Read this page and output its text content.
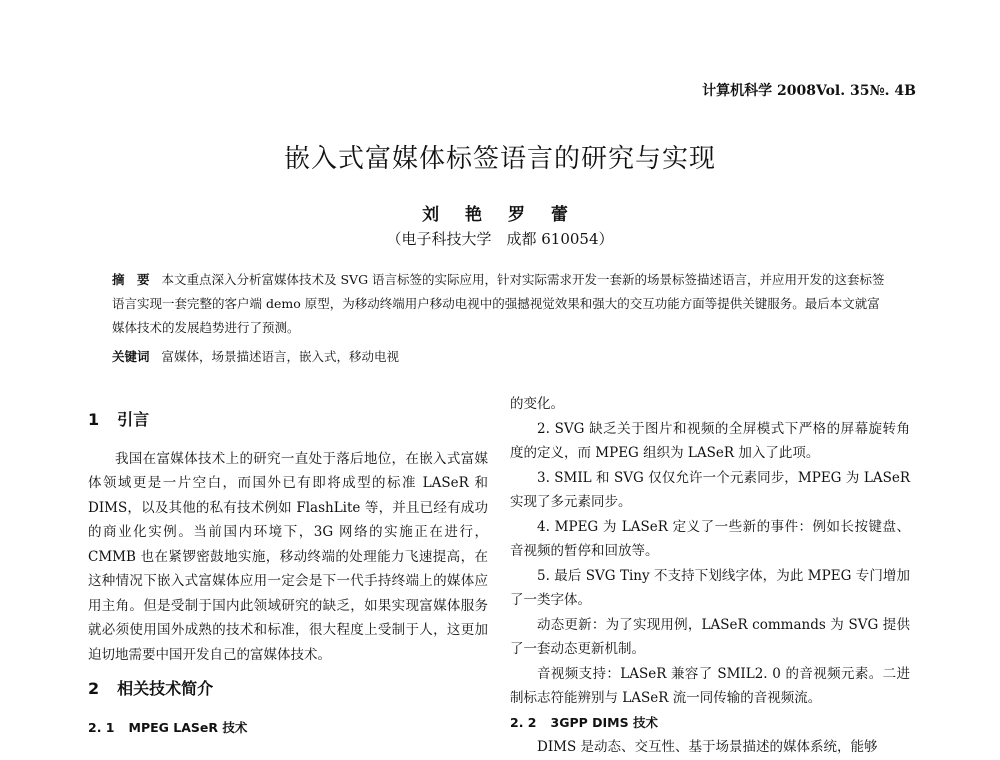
计算机科学 2008Vol. 35№. 4B
嵌入式富媒体标签语言的研究与实现
刘 艳 罗 蕾
（电子科技大学　成都 610054）
摘　要 本文重点深入分析富媒体技术及 SVG 语言标签的实际应用，针对实际需求开发一套新的场景标签描述语言，并应用开发的这套标签语言实现一套完整的客户端 demo 原型，为移动终端用户移动电视中的强撼视觉效果和强大的交互功能方面等提供关键服务。最后本文就富媒体技术的发展趋势进行了预测。
关键词 富媒体，场景描述语言，嵌入式，移动电视
1 引言

我国在富媒体技术上的研究一直处于落后地位，在嵌入式富媒体领域更是一片空白，而国外已有即将成型的标准 LASeR 和 DIMS，以及其他的私有技术例如 FlashLite 等，并且已经有成功的商业化实例。当前国内环境下，3G 网络的实施正在进行，CMMB 也在紧锣密鼓地实施，移动终端的处理能力飞速提高，在这种情况下嵌入式富媒体应用一定会是下一代手持终端上的媒体应用主角。但是受制于国内此领域研究的缺乏，如果实现富媒体服务就必须使用国外成熟的技术和标准，很大程度上受制于人，这更加迫切地需要中国开发自己的富媒体技术。

2 相关技术简介
2. 1 MPEG LASeR 技术

的变化。

2. SVG 缺乏关于图片和视频的全屏模式下严格的屏幕旋转角度的定义，而 MPEG 组织为 LASeR 加入了此项。

3. SMIL 和 SVG 仅仅允许一个元素同步，MPEG 为 LASeR 实现了多元素同步。

4. MPEG 为 LASeR 定义了一些新的事件：例如长按键盘、音视频的暂停和回放等。

5. 最后 SVG Tiny 不支持下划线字体，为此 MPEG 专门增加了一类字体。

动态更新：为了实现用例，LASeR commands 为 SVG 提供了一套动态更新机制。

音视频支持：LASeR 兼容了 SMIL2. 0 的音视频元素。二进制标志符能辨别与 LASeR 流一同传输的音视频流。

2. 2 3GPP DIMS 技术

DIMS 是动态、交互性、基于场景描述的媒体系统，能够
